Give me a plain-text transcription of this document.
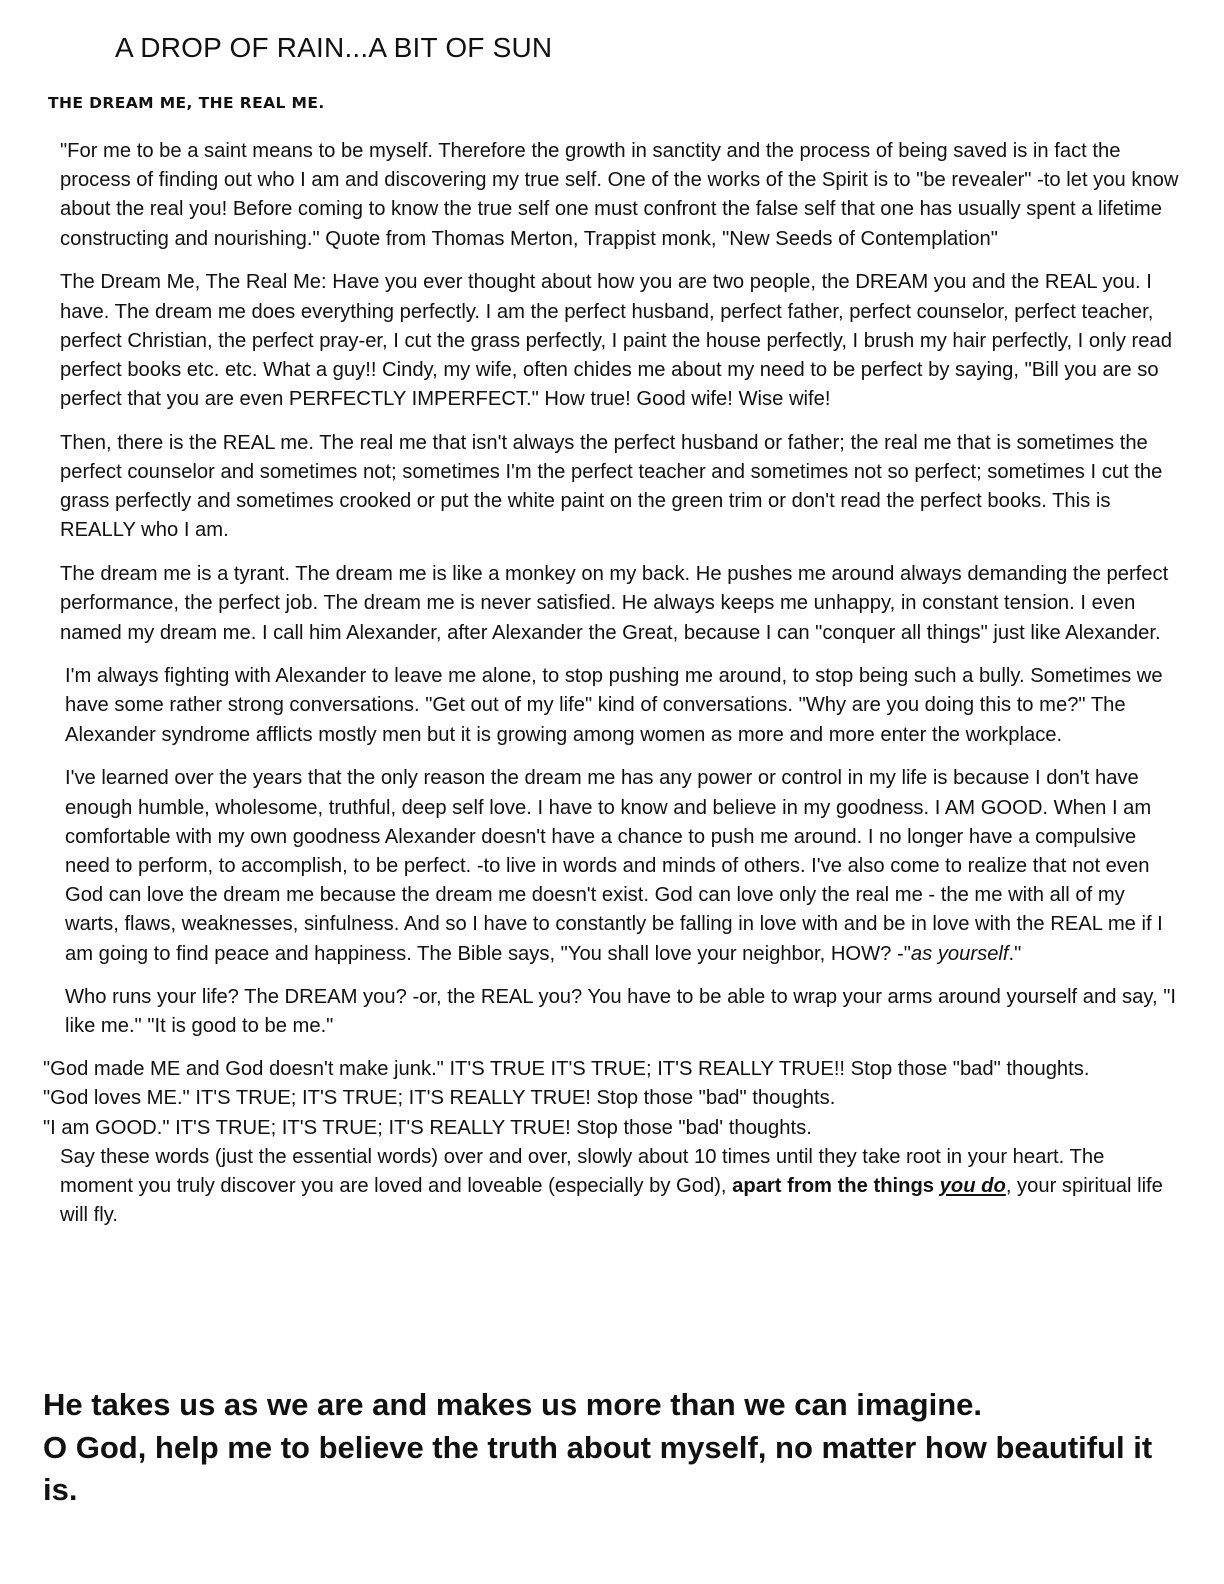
A DROP OF RAIN...A BIT OF SUN
THE DREAM ME, THE REAL ME.

"For me to be a saint means to be myself. Therefore the growth in sanctity and the process of being saved is in fact the process of finding out who I am and discovering my true self. One of the works of the Spirit is to "be revealer" -to let you know about the real you! Before coming to know the true self one must confront the false self that one has usually spent a lifetime constructing and nourishing." Quote from Thomas Merton, Trappist monk, "New Seeds of Contemplation"

The Dream Me, The Real Me: Have you ever thought about how you are two people, the DREAM you and the REAL you. I have. The dream me does everything perfectly. I am the perfect husband, perfect father, perfect counselor, perfect teacher, perfect Christian, the perfect pray-er, I cut the grass perfectly, I paint the house perfectly, I brush my hair perfectly, I only read perfect books etc. etc. What a guy!! Cindy, my wife, often chides me about my need to be perfect by saying, "Bill you are so perfect that you are even PERFECTLY IMPERFECT." How true! Good wife! Wise wife!

Then, there is the REAL me. The real me that isn't always the perfect husband or father; the real me that is sometimes the perfect counselor and sometimes not; sometimes I'm the perfect teacher and sometimes not so perfect; sometimes I cut the grass perfectly and sometimes crooked or put the white paint on the green trim or don't read the perfect books. This is REALLY who I am.

The dream me is a tyrant. The dream me is like a monkey on my back. He pushes me around always demanding the perfect performance, the perfect job. The dream me is never satisfied. He always keeps me unhappy, in constant tension. I even named my dream me. I call him Alexander, after Alexander the Great, because I can "conquer all things" just like Alexander.

I'm always fighting with Alexander to leave me alone, to stop pushing me around, to stop being such a bully. Sometimes we have some rather strong conversations. "Get out of my life" kind of conversations. "Why are you doing this to me?" The Alexander syndrome afflicts mostly men but it is growing among women as more and more enter the workplace.

I've learned over the years that the only reason the dream me has any power or control in my life is because I don't have enough humble, wholesome, truthful, deep self love. I have to know and believe in my goodness. I AM GOOD. When I am comfortable with my own goodness Alexander doesn't have a chance to push me around. I no longer have a compulsive need to perform, to accomplish, to be perfect. -to live in words and minds of others. I've also come to realize that not even God can love the dream me because the dream me doesn't exist. God can love only the real me - the me with all of my warts, flaws, weaknesses, sinfulness. And so I have to constantly be falling in love with and be in love with the REAL me if I am going to find peace and happiness. The Bible says, "You shall love your neighbor, HOW? -"as yourself."

Who runs your life? The DREAM you? -or, the REAL you? You have to be able to wrap your arms around yourself and say, "I like me." "It is good to be me."

"God made ME and God doesn't make junk." IT'S TRUE IT'S TRUE; IT'S REALLY TRUE!! Stop those "bad" thoughts.
"God loves ME." IT'S TRUE; IT'S TRUE; IT'S REALLY TRUE! Stop those "bad" thoughts.
"I am GOOD." IT'S TRUE; IT'S TRUE; IT'S REALLY TRUE! Stop those "bad' thoughts.
Say these words (just the essential words) over and over, slowly about 10 times until they take root in your heart. The moment you truly discover you are loved and loveable (especially by God), apart from the things you do, your spiritual life will fly.
He takes us as we are and makes us more than we can imagine.
O God, help me to believe the truth about myself, no matter how beautiful it is.
